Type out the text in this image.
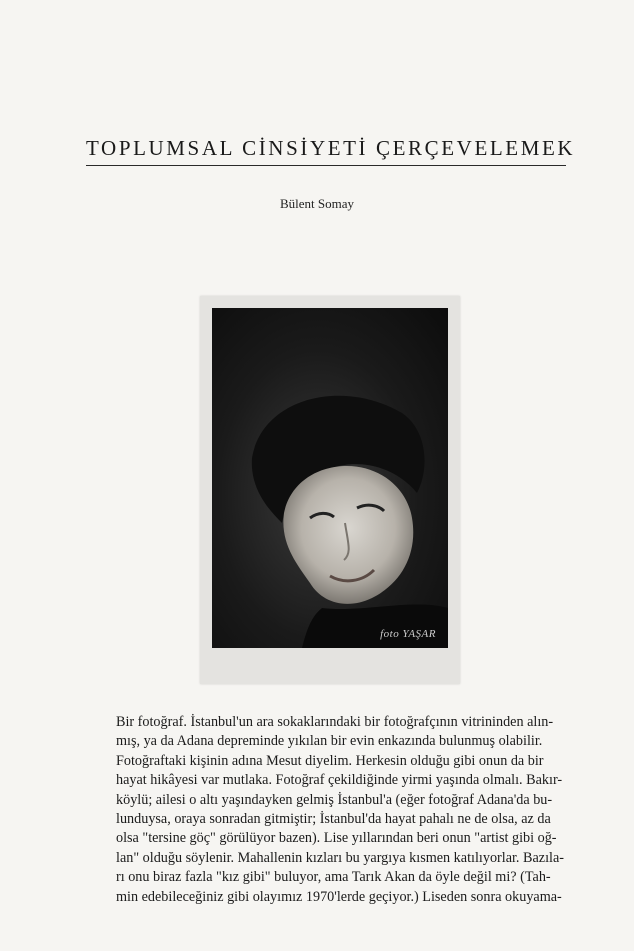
TOPLUMSAL CİNSİYETİ ÇERÇEVELEMEK
Bülent Somay
foto YAŞAR
Bir fotoğraf. İstanbul'un ara sokaklarındaki bir fotoğrafçının vitrininden alın-
mış, ya da Adana depreminde yıkılan bir evin enkazında bulunmuş olabilir.
Fotoğraftaki kişinin adına Mesut diyelim. Herkesin olduğu gibi onun da bir
hayat hikâyesi var mutlaka. Fotoğraf çekildiğinde yirmi yaşında olmalı. Bakır-
köylü; ailesi o altı yaşındayken gelmiş İstanbul'a (eğer fotoğraf Adana'da bu-
lunduysa, oraya sonradan gitmiştir; İstanbul'da hayat pahalı ne de olsa, az da
olsa "tersine göç" görülüyor bazen). Lise yıllarından beri onun "artist gibi oğ-
lan" olduğu söylenir. Mahallenin kızları bu yargıya kısmen katılıyorlar. Bazıla-
rı onu biraz fazla "kız gibi" buluyor, ama Tarık Akan da öyle değil mi? (Tah-
min edebileceğiniz gibi olayımız 1970'lerde geçiyor.) Liseden sonra okuyama-
